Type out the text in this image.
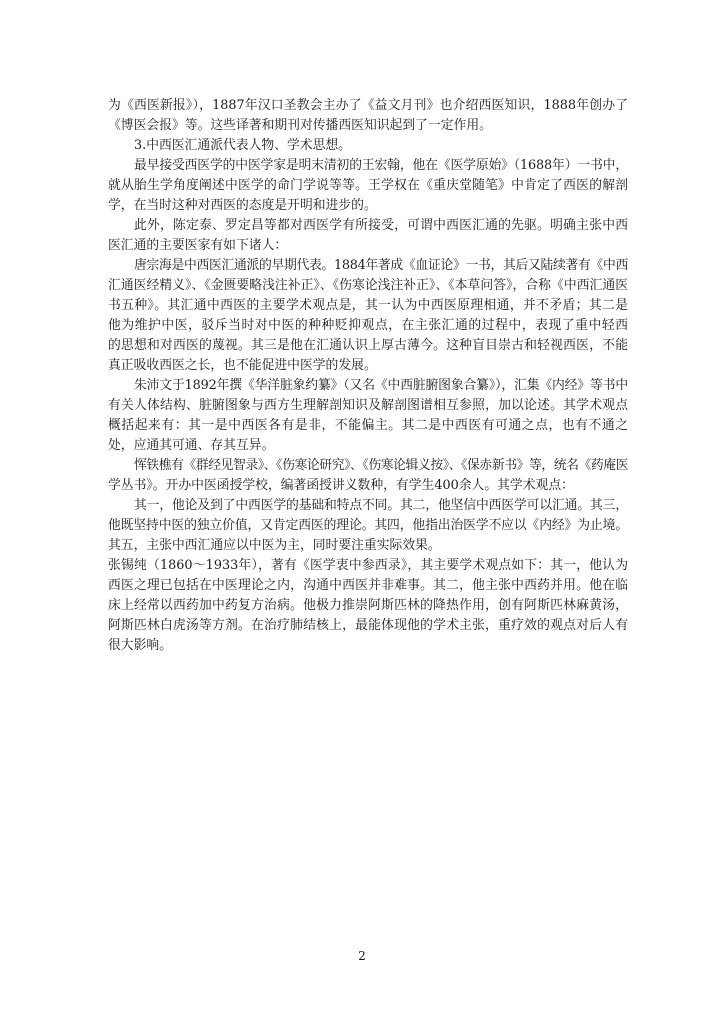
为《西医新报》），1887年汉口圣教会主办了《益文月刊》也介绍西医知识，1888年创办了
《博医会报》等。这些译著和期刊对传播西医知识起到了一定作用。
3.中西医汇通派代表人物、学术思想。
最早接受西医学的中医学家是明末清初的王宏翰，他在《医学原始》（1688年）一书中，
就从胎生学角度阐述中医学的命门学说等等。王学权在《重庆堂随笔》中肯定了西医的解剖
学，在当时这种对西医的态度是开明和进步的。
此外，陈定泰、罗定昌等都对西医学有所接受，可谓中西医汇通的先驱。明确主张中西
医汇通的主要医家有如下诸人：
唐宗海是中西医汇通派的早期代表。1884年著成《血证论》一书，其后又陆续著有《中西
汇通医经精义》、《金匮要略浅注补正》、《伤寒论浅注补正》、《本草问答》，合称《中西汇通医
书五种》。其汇通中西医的主要学术观点是，其一认为中西医原理相通，并不矛盾；其二是
他为维护中医，驳斥当时对中医的种种贬抑观点，在主张汇通的过程中，表现了重中轻西
的思想和对西医的蔑视。其三是他在汇通认识上厚古薄今。这种盲目崇古和轻视西医，不能
真正吸收西医之长，也不能促进中医学的发展。
朱沛文于1892年撰《华洋脏象约纂》（又名《中西脏腑图象合纂》），汇集《内经》等书中
有关人体结构、脏腑图象与西方生理解剖知识及解剖图谱相互参照，加以论述。其学术观点
概括起来有：其一是中西医各有是非，不能偏主。其二是中西医有可通之点，也有不通之
处，应通其可通、存其互异。
恽铁樵有《群经见智录》、《伤寒论研究》、《伤寒论辑义按》、《保赤新书》等，统名《药庵医
学丛书》。开办中医函授学校，编著函授讲义数种，有学生400余人。其学术观点：
其一，他论及到了中西医学的基础和特点不同。其二，他坚信中西医学可以汇通。其三，
他既坚持中医的独立价值，又肯定西医的理论。其四，他指出治医学不应以《内经》为止境。
其五，主张中西汇通应以中医为主，同时要注重实际效果。
张锡纯（1860～1933年），著有《医学衷中参西录》，其主要学术观点如下：其一，他认为
西医之理已包括在中医理论之内，沟通中西医并非难事。其二，他主张中西药并用。他在临
床上经常以西药加中药复方治病。他极力推崇阿斯匹林的降热作用，创有阿斯匹林麻黄汤，
阿斯匹林白虎汤等方剂。在治疗肺结核上，最能体现他的学术主张，重疗效的观点对后人有
很大影响。
2
